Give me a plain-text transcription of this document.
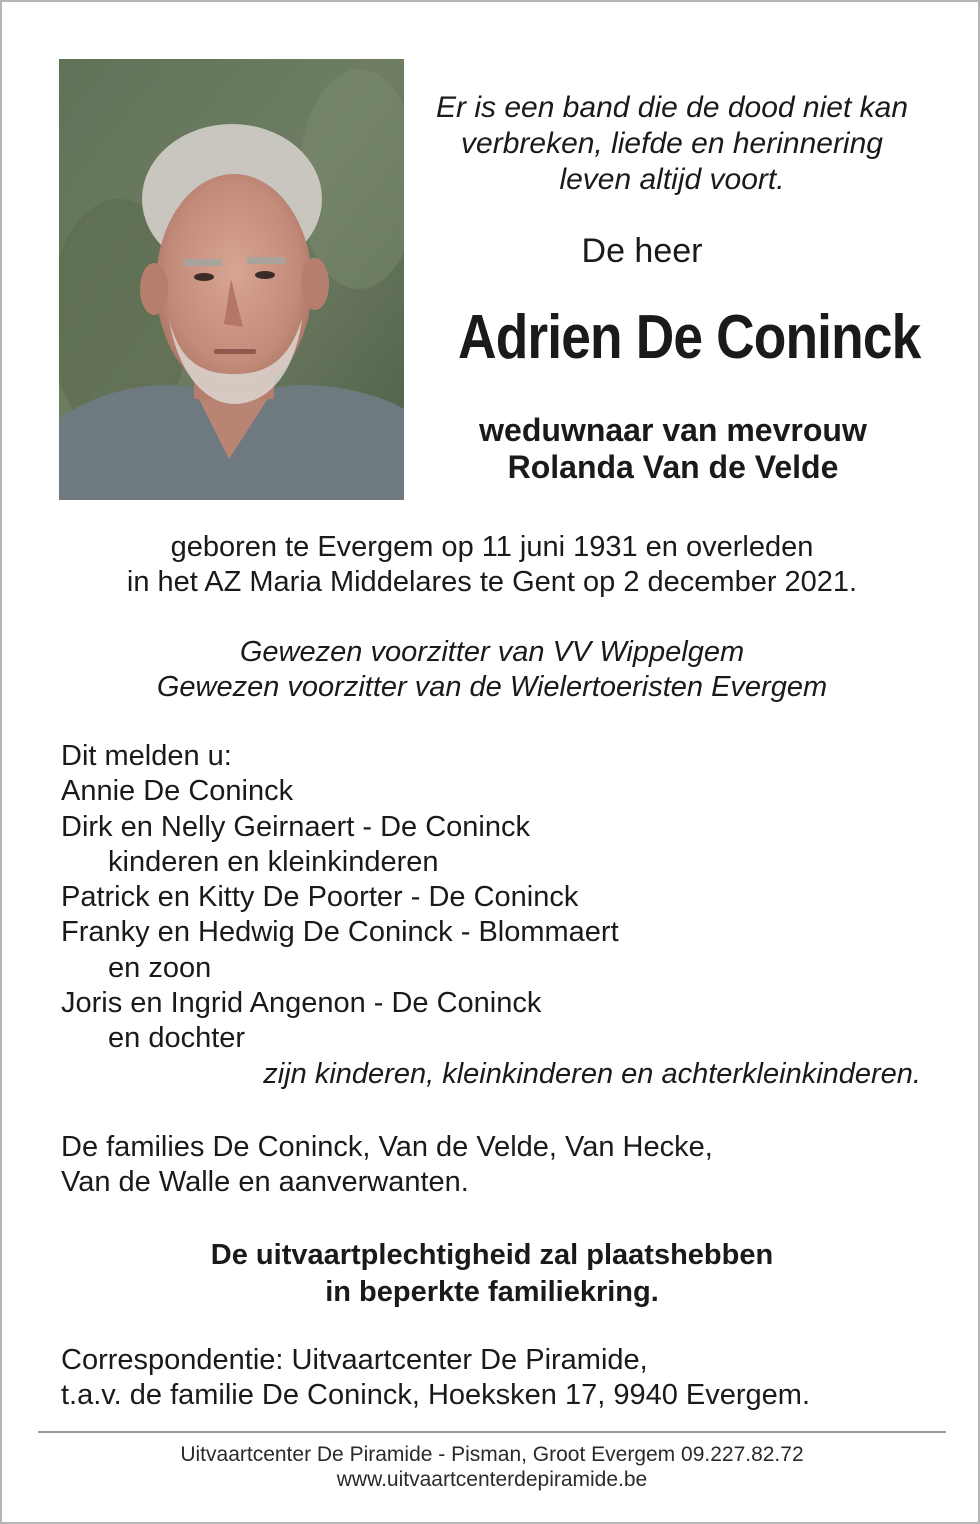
Er is een band die de dood niet kan
verbreken, liefde en herinnering
leven altijd voort.
De heer
Adrien De Coninck
weduwnaar van mevrouw
Rolanda Van de Velde
geboren te Evergem op 11 juni 1931 en overleden
in het AZ Maria Middelares te Gent op 2 december 2021.
Gewezen voorzitter van VV Wippelgem
Gewezen voorzitter van de Wielertoeristen Evergem
Dit melden u:
Annie De Coninck
Dirk en Nelly Geirnaert - De Coninck
kinderen en kleinkinderen
Patrick en Kitty De Poorter - De Coninck
Franky en Hedwig De Coninck - Blommaert
en zoon
Joris en Ingrid Angenon - De Coninck
en dochter
zijn kinderen, kleinkinderen en achterkleinkinderen.
De families De Coninck, Van de Velde, Van Hecke,
Van de Walle en aanverwanten.
De uitvaartplechtigheid zal plaatshebben
in beperkte familiekring.
Correspondentie: Uitvaartcenter De Piramide,
t.a.v. de familie De Coninck, Hoeksken 17, 9940 Evergem.
Uitvaartcenter De Piramide - Pisman, Groot Evergem 09.227.82.72
www.uitvaartcenterdepiramide.be
